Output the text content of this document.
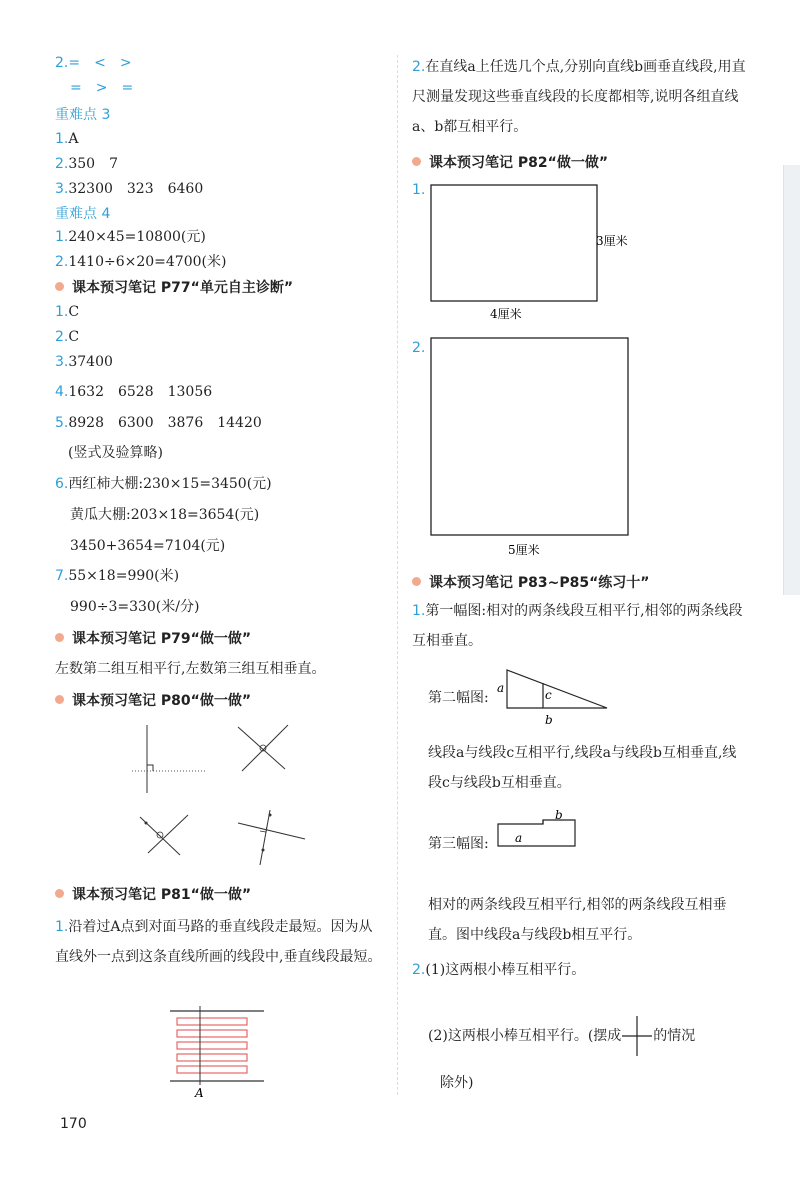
2.=　<　>
=　>　=
重难点 3
1.A
2.350　7
3.32300　323　6460
重难点 4
1.240×45=10800(元)
2.1410÷6×20=4700(米)
课本预习笔记 P77“单元自主诊断”
1.C
2.C
3.37400
4.1632　6528　13056
5.8928　6300　3876　14420
(竖式及验算略)
6.西红柿大棚:230×15=3450(元)
黄瓜大棚:203×18=3654(元)
3450+3654=7104(元)
7.55×18=990(米)
990÷3=330(米/分)
课本预习笔记 P79“做一做”
左数第二组互相平行,左数第三组互相垂直。
课本预习笔记 P80“做一做”
课本预习笔记 P81“做一做”
1.沿着过A点到对面马路的垂直线段走最短。因为从直线外一点到这条直线所画的线段中,垂直线段最短。
A
170
2.在直线a上任选几个点,分别向直线b画垂直线段,用直尺测量发现这些垂直线段的长度都相等,说明各组直线a、b都互相平行。
课本预习笔记 P82“做一做”
1.
3厘米
4厘米
2.
5厘米
课本预习笔记 P83~P85“练习十”
1.第一幅图:相对的两条线段互相平行,相邻的两条线段互相垂直。
第二幅图:
a	c
b
线段a与线段c互相平行,线段a与线段b互相垂直,线段c与线段b互相垂直。
第三幅图: a
b
相对的两条线段互相平行,相邻的两条线段互相垂直。图中线段a与线段b相互平行。
2.(1)这两根小棒互相平行。
(2)这两根小棒互相平行。(摆成 的情况
除外)
